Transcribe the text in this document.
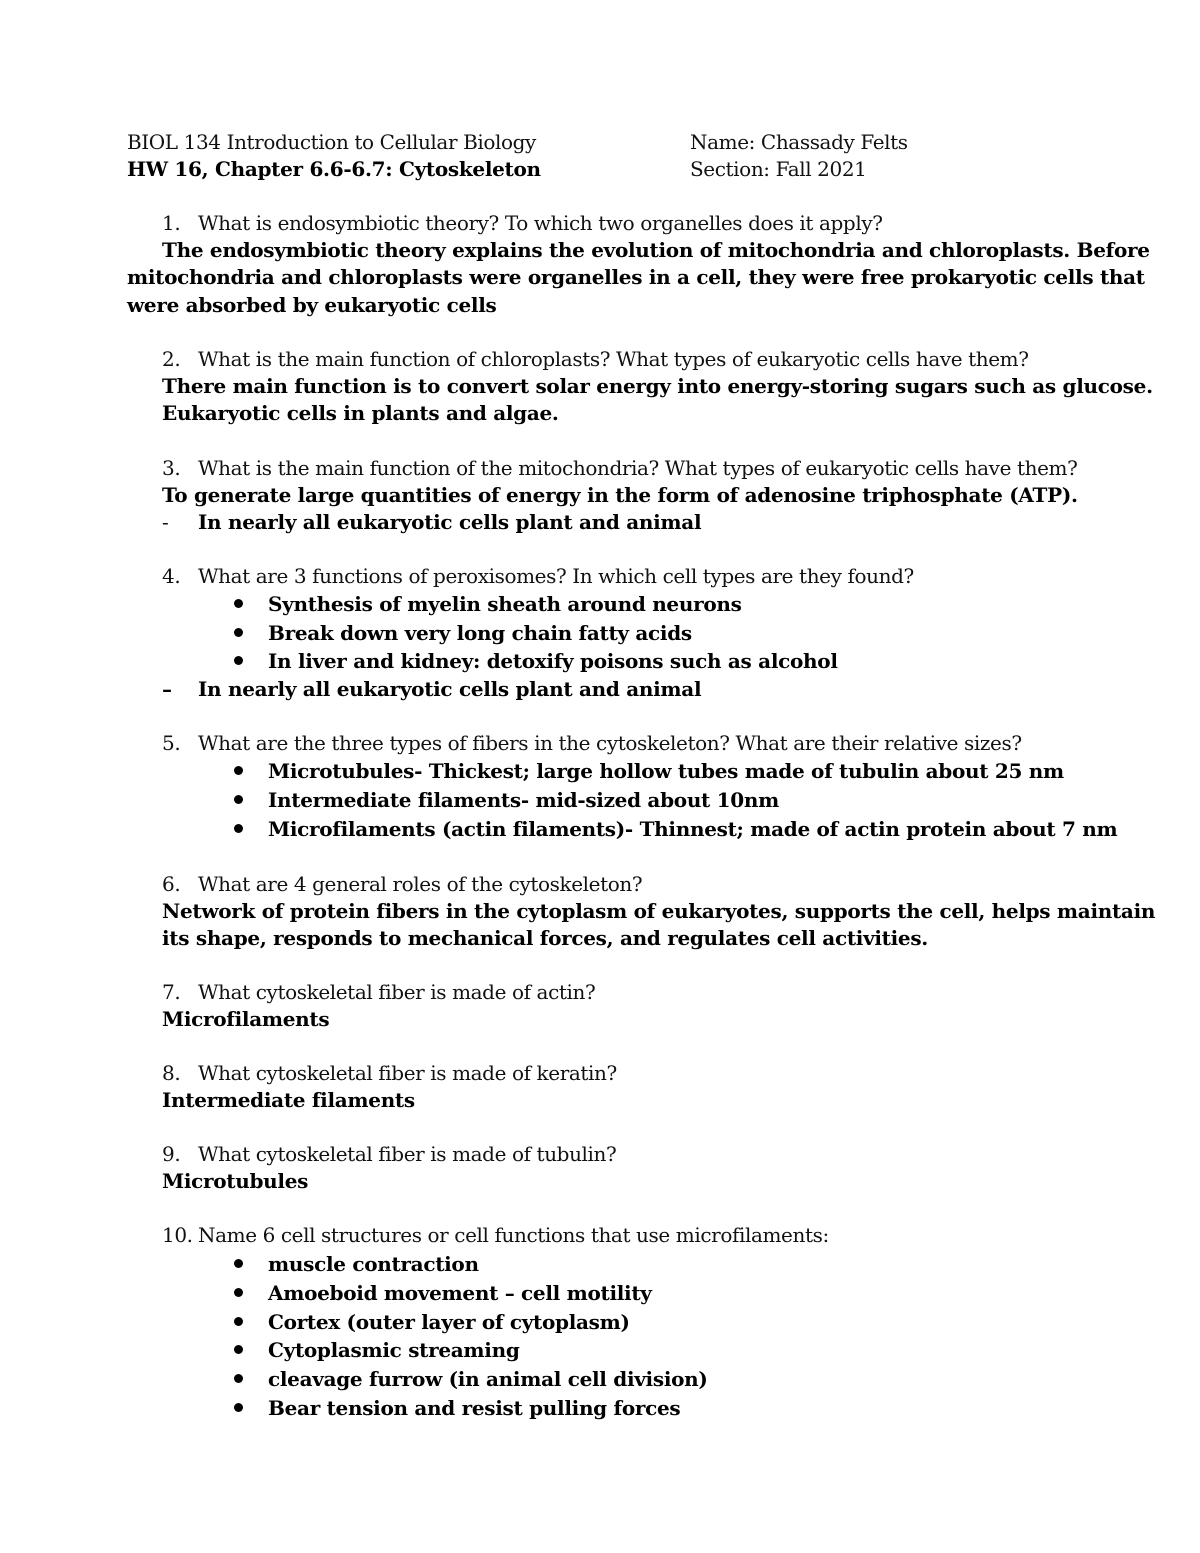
BIOL 134 Introduction to Cellular Biology	Name: Chassady Felts
HW 16, Chapter 6.6-6.7: Cytoskeleton	Section: Fall 2021
1. What is endosymbiotic theory? To which two organelles does it apply?
The endosymbiotic theory explains the evolution of mitochondria and chloroplasts. Before
mitochondria and chloroplasts were organelles in a cell, they were free prokaryotic cells that
were absorbed by eukaryotic cells
2. What is the main function of chloroplasts? What types of eukaryotic cells have them?
There main function is to convert solar energy into energy-storing sugars such as glucose.
Eukaryotic cells in plants and algae.
3. What is the main function of the mitochondria? What types of eukaryotic cells have them?
To generate large quantities of energy in the form of adenosine triphosphate (ATP).
- In nearly all eukaryotic cells plant and animal
4. What are 3 functions of peroxisomes? In which cell types are they found?
Synthesis of myelin sheath around neurons
Break down very long chain fatty acids
In liver and kidney: detoxify poisons such as alcohol
– In nearly all eukaryotic cells plant and animal
5. What are the three types of fibers in the cytoskeleton? What are their relative sizes?
Microtubules- Thickest; large hollow tubes made of tubulin about 25 nm
Intermediate filaments- mid-sized about 10nm
Microfilaments (actin filaments)- Thinnest; made of actin protein about 7 nm
6. What are 4 general roles of the cytoskeleton?
Network of protein fibers in the cytoplasm of eukaryotes, supports the cell, helps maintain
its shape, responds to mechanical forces, and regulates cell activities.
7. What cytoskeletal fiber is made of actin?
Microfilaments
8. What cytoskeletal fiber is made of keratin?
Intermediate filaments
9. What cytoskeletal fiber is made of tubulin?
Microtubules
10. Name 6 cell structures or cell functions that use microfilaments:
muscle contraction
Amoeboid movement – cell motility
Cortex (outer layer of cytoplasm)
Cytoplasmic streaming
cleavage furrow (in animal cell division)
Bear tension and resist pulling forces
